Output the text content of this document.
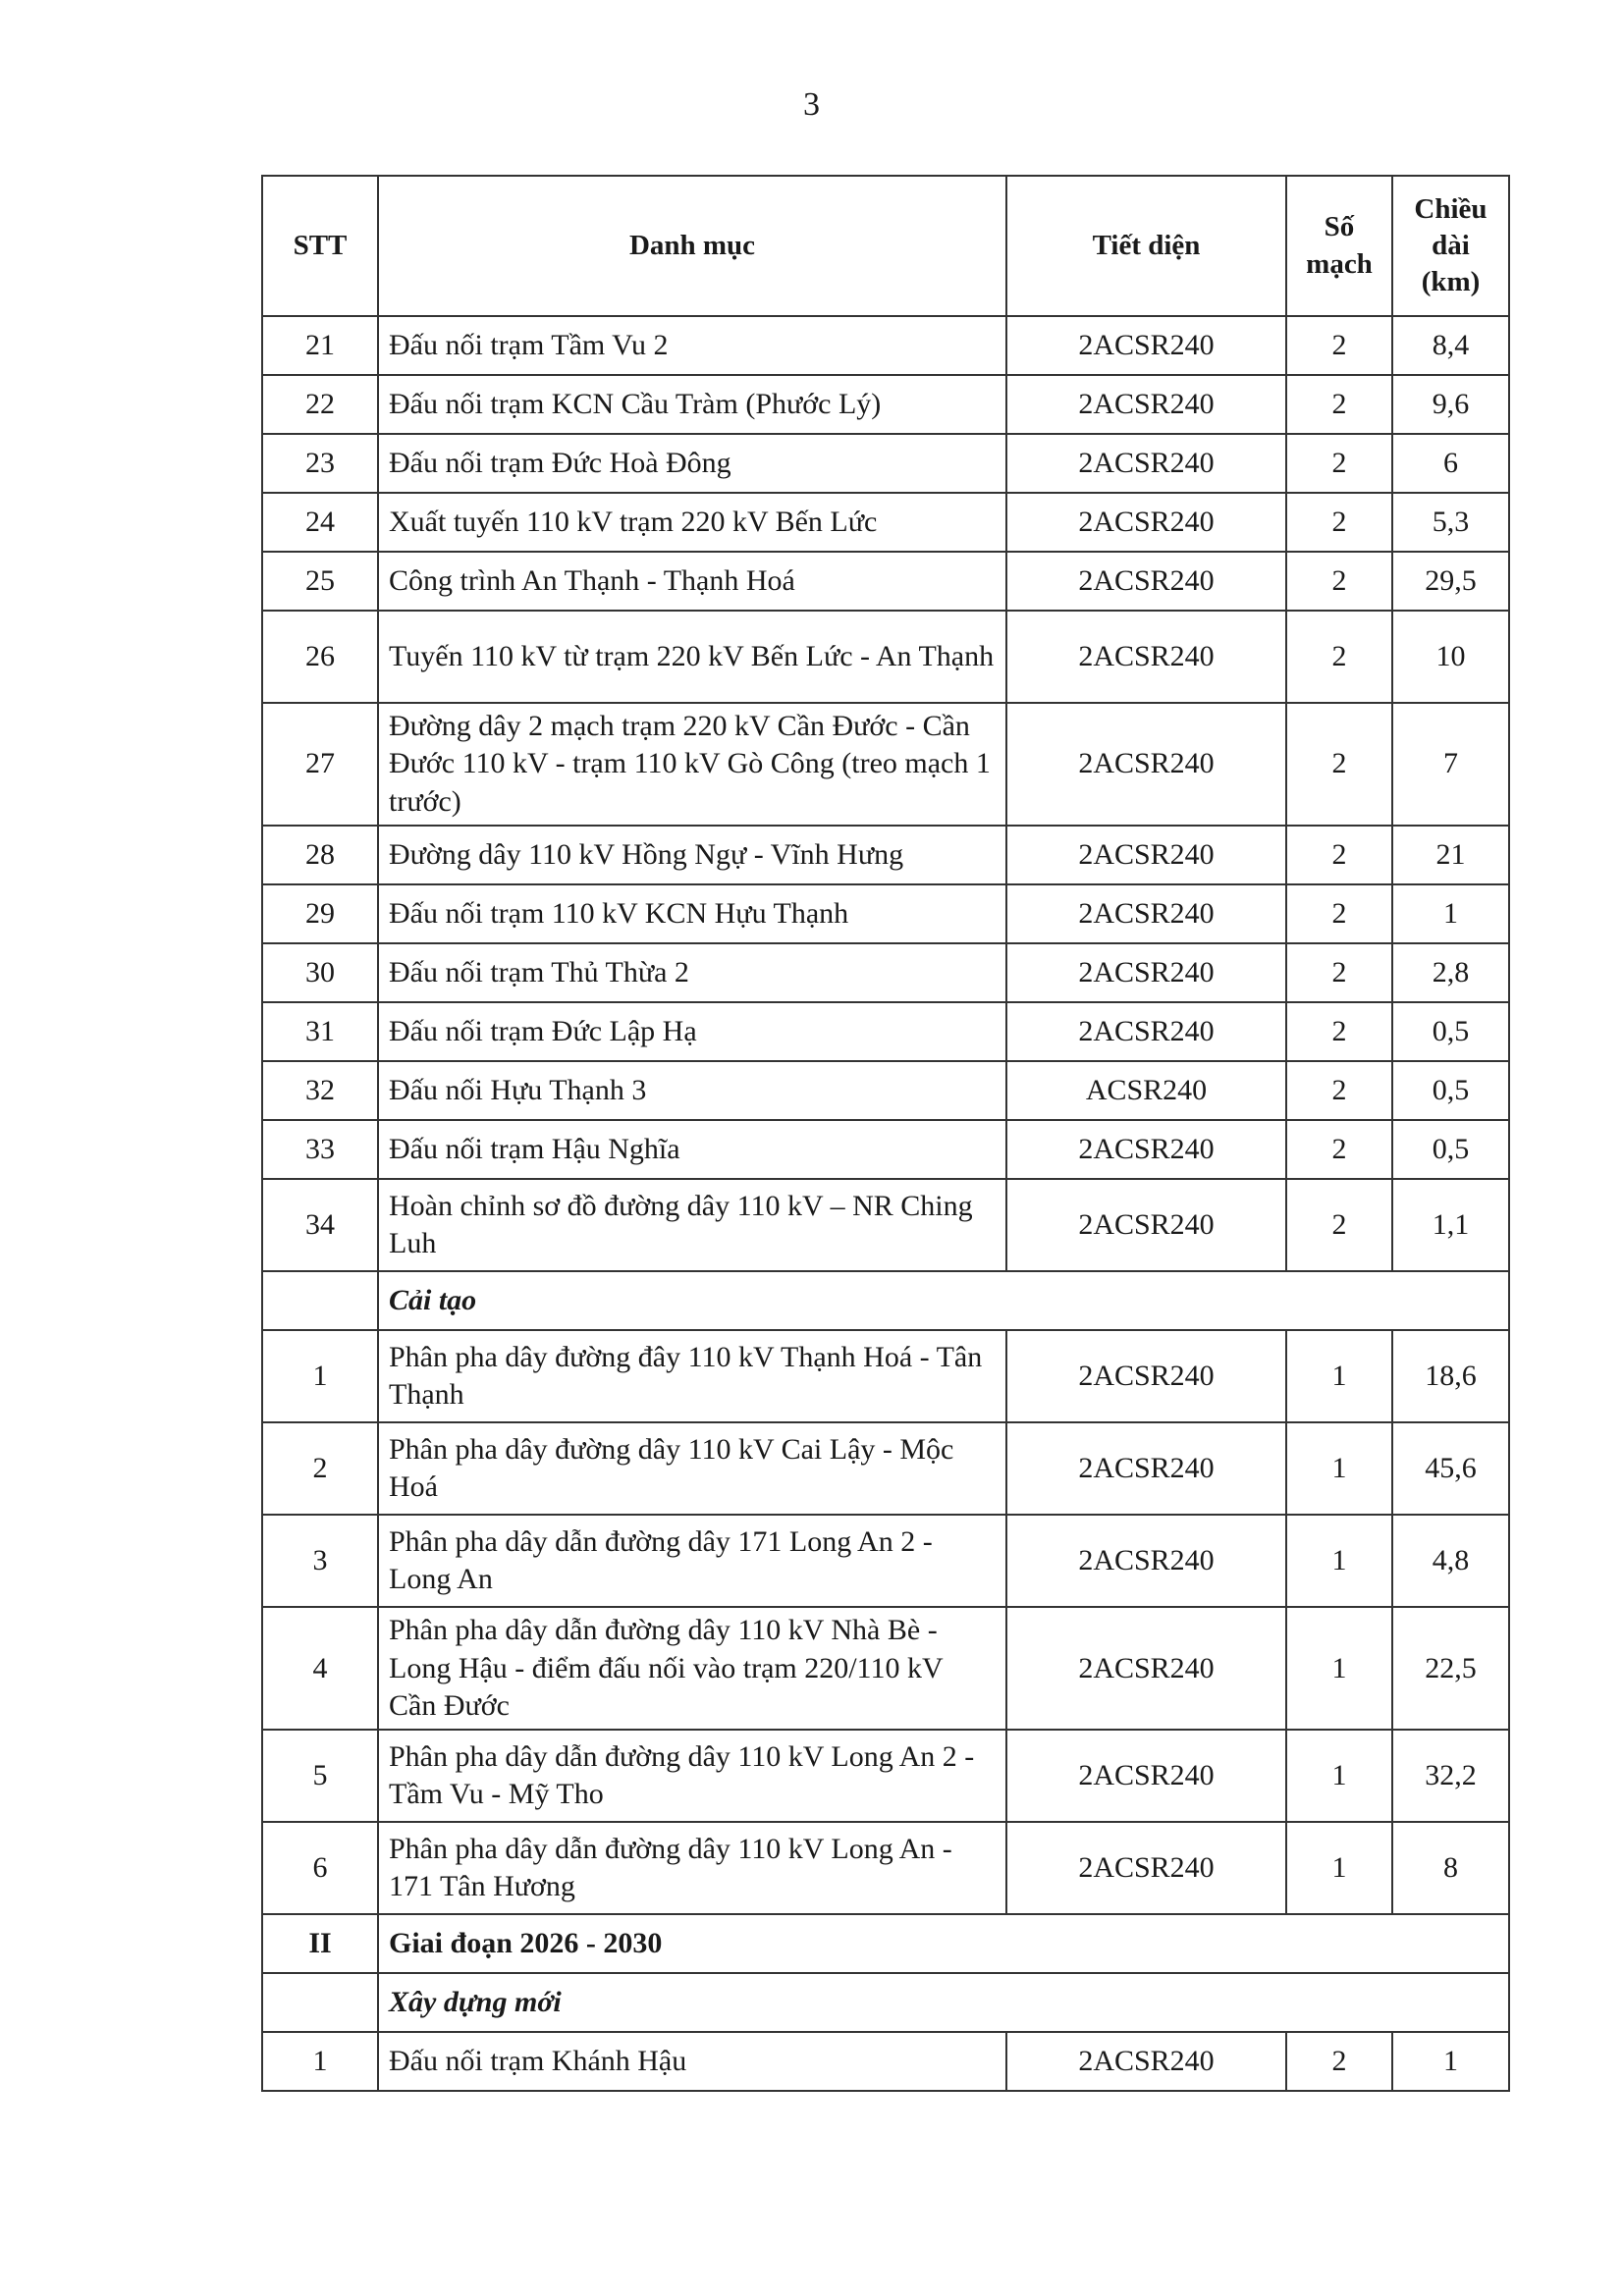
3
STT	Danh mục	Tiết diện	Số mạch	Chiều dài (km)
21	Đấu nối trạm Tầm Vu 2	2ACSR240	2	8,4
22	Đấu nối trạm KCN Cầu Tràm (Phước Lý)	2ACSR240	2	9,6
23	Đấu nối trạm Đức Hoà Đông	2ACSR240	2	6
24	Xuất tuyến 110 kV trạm 220 kV Bến Lức	2ACSR240	2	5,3
25	Công trình An Thạnh - Thạnh Hoá	2ACSR240	2	29,5
26	Tuyến 110 kV từ trạm 220 kV Bến Lức - An Thạnh	2ACSR240	2	10
27	Đường dây 2 mạch trạm 220 kV Cần Đước - Cần Đước 110 kV - trạm 110 kV Gò Công (treo mạch 1 trước)	2ACSR240	2	7
28	Đường dây 110 kV Hồng Ngự - Vĩnh Hưng	2ACSR240	2	21
29	Đấu nối trạm 110 kV KCN Hựu Thạnh	2ACSR240	2	1
30	Đấu nối trạm Thủ Thừa 2	2ACSR240	2	2,8
31	Đấu nối trạm Đức Lập Hạ	2ACSR240	2	0,5
32	Đấu nối Hựu Thạnh 3	ACSR240	2	0,5
33	Đấu nối trạm Hậu Nghĩa	2ACSR240	2	0,5
34	Hoàn chỉnh sơ đồ đường dây 110 kV – NR Ching Luh	2ACSR240	2	1,1
	Cải tạo			
1	Phân pha dây đường đây 110 kV Thạnh Hoá - Tân Thạnh	2ACSR240	1	18,6
2	Phân pha dây đường dây 110 kV Cai Lậy - Mộc Hoá	2ACSR240	1	45,6
3	Phân pha dây dẫn đường dây 171 Long An 2 - Long An	2ACSR240	1	4,8
4	Phân pha dây dẫn đường dây 110 kV Nhà Bè - Long Hậu - điểm đấu nối vào trạm 220/110 kV Cần Đước	2ACSR240	1	22,5
5	Phân pha dây dẫn đường dây 110 kV Long An 2 - Tầm Vu - Mỹ Tho	2ACSR240	1	32,2
6	Phân pha dây dẫn đường dây 110 kV Long An - 171 Tân Hương	2ACSR240	1	8
II	Giai đoạn 2026 - 2030			
	Xây dựng mới			
1	Đấu nối trạm Khánh Hậu	2ACSR240	2	1
